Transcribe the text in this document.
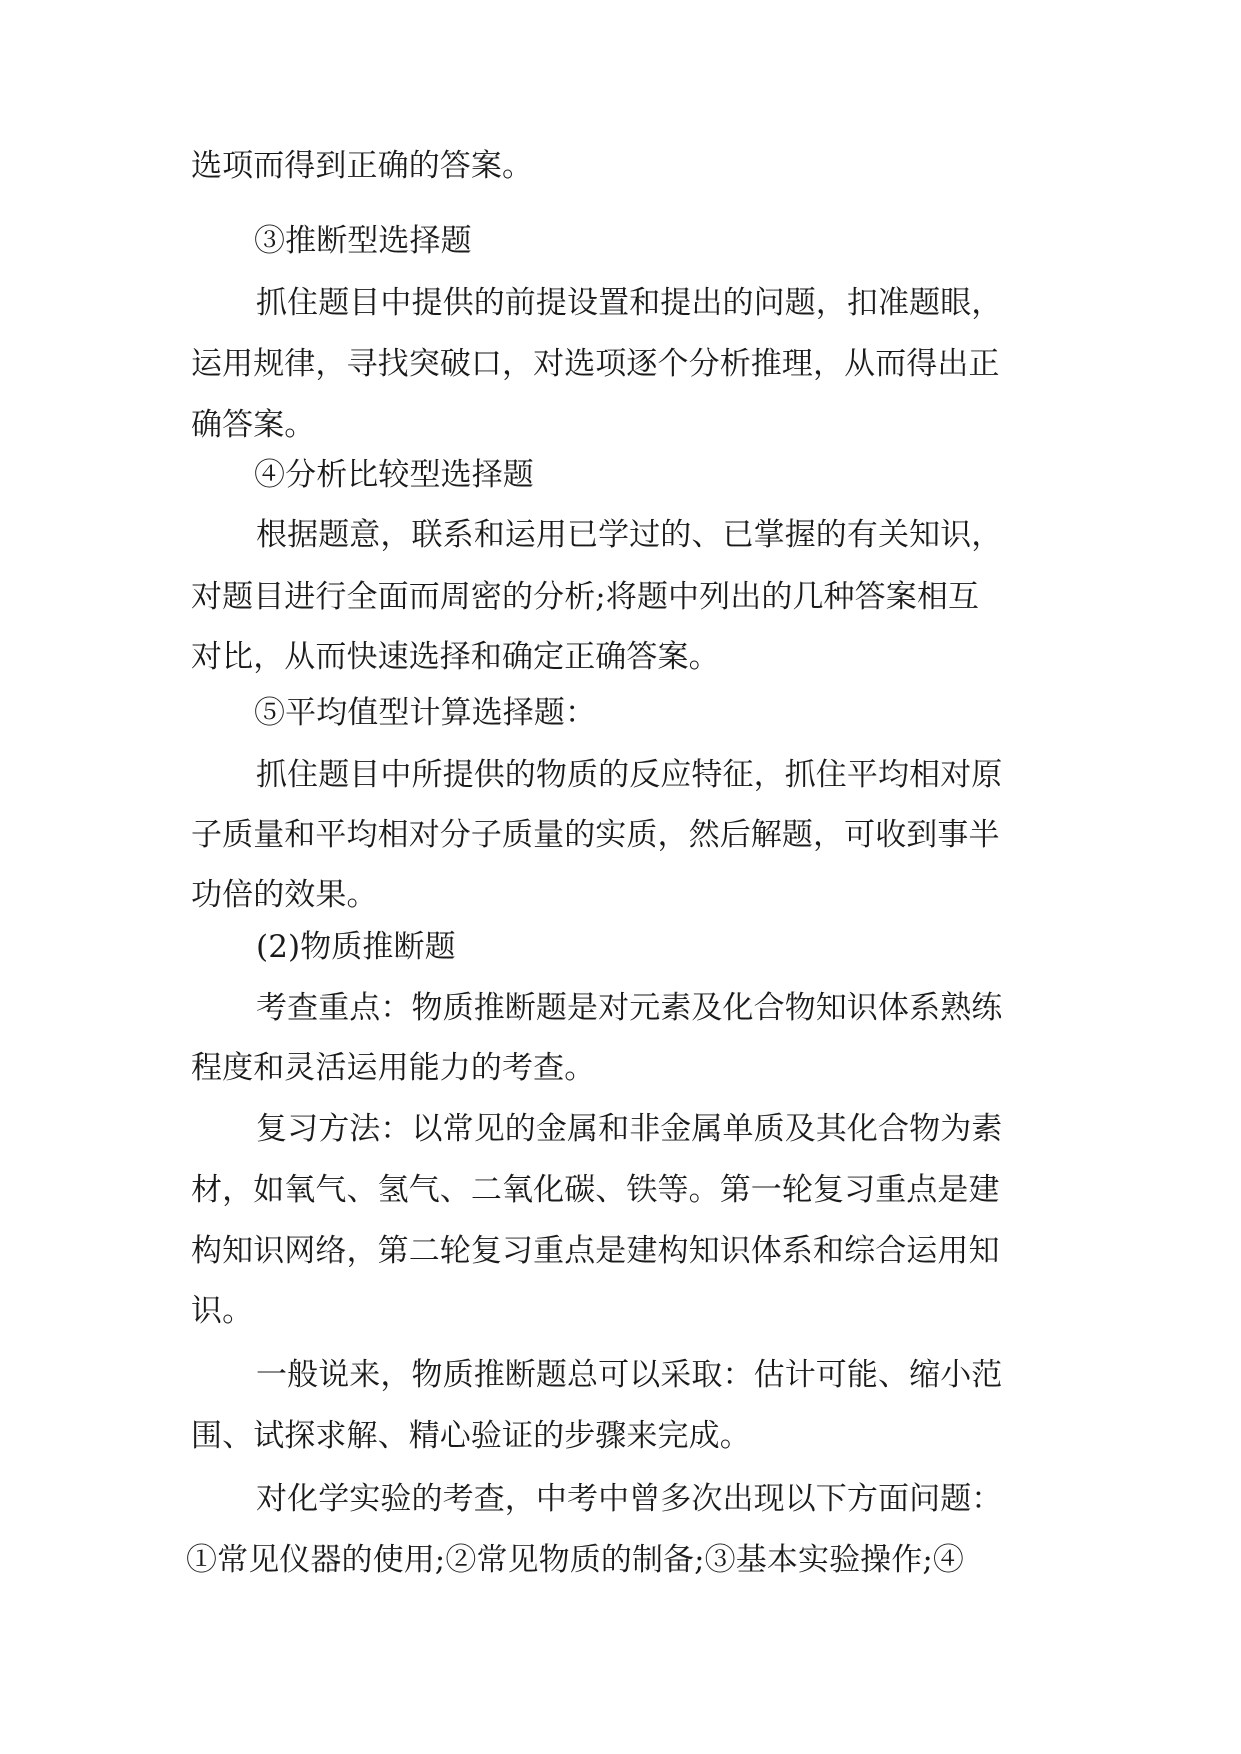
选项而得到正确的答案。
③推断型选择题
抓住题目中提供的前提设置和提出的问题，扣准题眼，
运用规律，寻找突破口，对选项逐个分析推理，从而得出正
确答案。
④分析比较型选择题
根据题意，联系和运用已学过的、已掌握的有关知识，
对题目进行全面而周密的分析;将题中列出的几种答案相互
对比，从而快速选择和确定正确答案。
⑤平均值型计算选择题：
抓住题目中所提供的物质的反应特征，抓住平均相对原
子质量和平均相对分子质量的实质，然后解题，可收到事半
功倍的效果。
(2)物质推断题
考查重点：物质推断题是对元素及化合物知识体系熟练
程度和灵活运用能力的考查。
复习方法：以常见的金属和非金属单质及其化合物为素
材，如氧气、氢气、二氧化碳、铁等。第一轮复习重点是建
构知识网络，第二轮复习重点是建构知识体系和综合运用知
识。
一般说来，物质推断题总可以采取：估计可能、缩小范
围、试探求解、精心验证的步骤来完成。
对化学实验的考查，中考中曾多次出现以下方面问题：
①常见仪器的使用;②常见物质的制备;③基本实验操作;④
